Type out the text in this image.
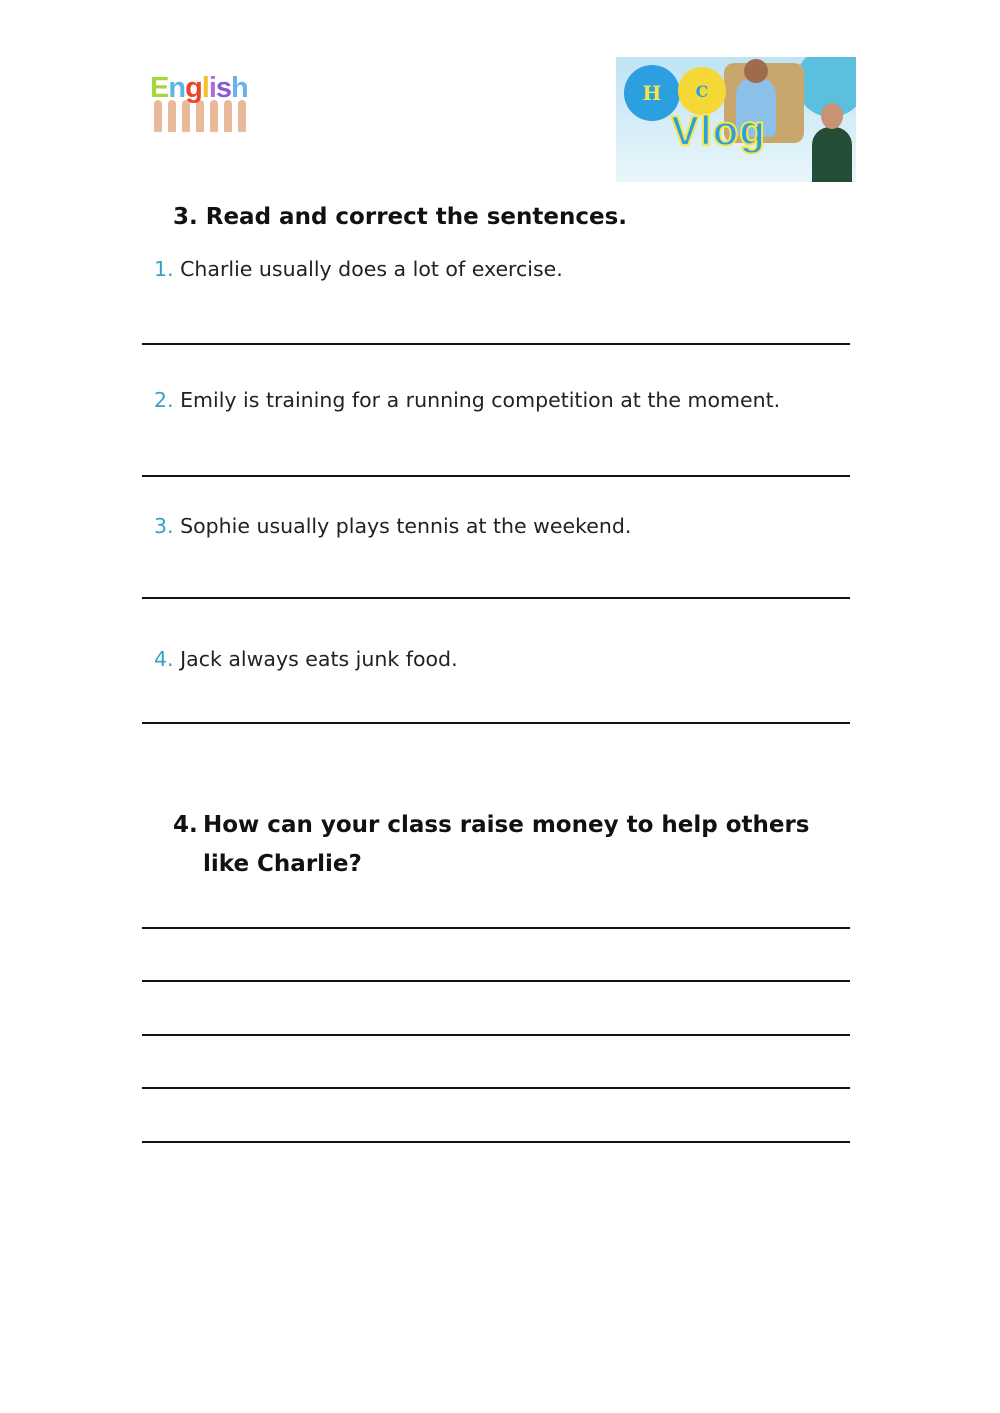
English	H	C
Vlog
3. Read and correct the sentences.
1. Charlie usually does a lot of exercise.
2. Emily is training for a running competition at the moment.
3. Sophie usually plays tennis at the weekend.
4. Jack always eats junk food.
4. How can your class raise money to help others
like Charlie?
